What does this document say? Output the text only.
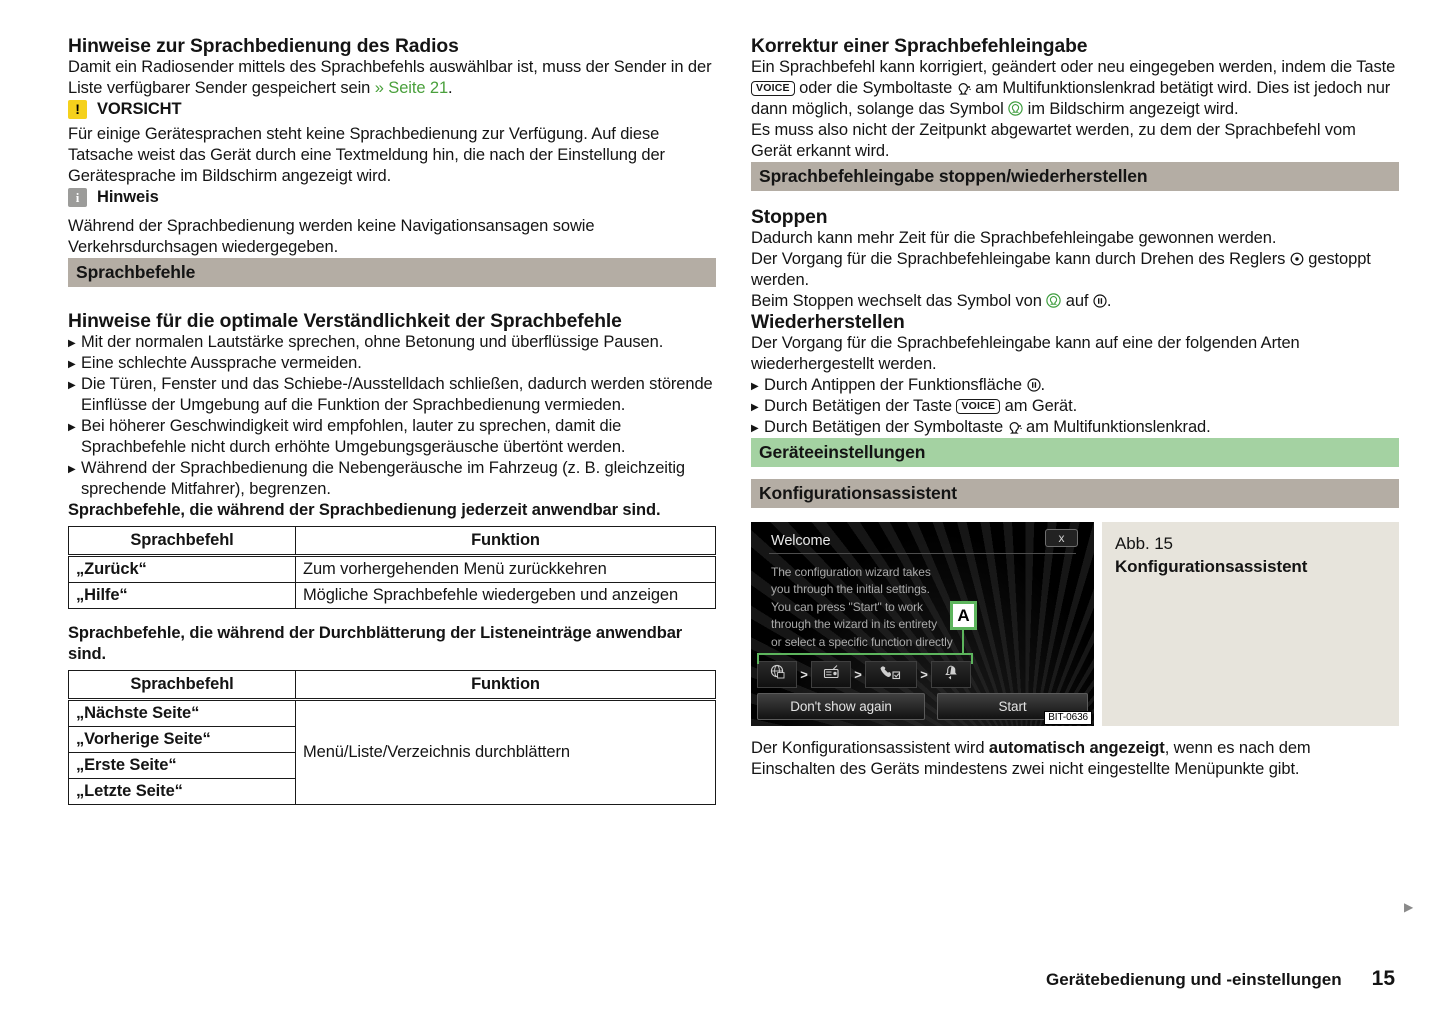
Hinweise zur Sprachbedienung des Radios

Damit ein Radiosender mittels des Sprachbefehls auswählbar ist, muss der Sender in der Liste verfügbarer Sender gespeichert sein » Seite 21.

!	VORSICHT

Für einige Gerätesprachen steht keine Sprachbedienung zur Verfügung. Auf diese Tatsache weist das Gerät durch eine Textmeldung hin, die nach der Einstellung der Gerätesprache im Bildschirm angezeigt wird.

i	Hinweis

Während der Sprachbedienung werden keine Navigationsansagen sowie Verkehrsdurchsagen wiedergegeben.

Sprachbefehle
Hinweise für die optimale Verständlichkeit der Sprachbefehle
▶ Mit der normalen Lautstärke sprechen, ohne Betonung und überflüssige Pausen.
▶ Eine schlechte Aussprache vermeiden.
▶ Die Türen, Fenster und das Schiebe-/Ausstelldach schließen, dadurch werden störende Einflüsse der Umgebung auf die Funktion der Sprachbedienung vermieden.
▶ Bei höherer Geschwindigkeit wird empfohlen, lauter zu sprechen, damit die Sprachbefehle nicht durch erhöhte Umgebungsgeräusche übertönt werden.
▶ Während der Sprachbedienung die Nebengeräusche im Fahrzeug (z. B. gleichzeitig sprechende Mitfahrer), begrenzen.

Sprachbefehle, die während der Sprachbedienung jederzeit anwendbar sind.

Sprachbefehl	Funktion
„Zurück“	Zum vorhergehenden Menü zurückkehren
„Hilfe“	Mögliche Sprachbefehle wiedergeben und anzeigen

Sprachbefehle, die während der Durchblätterung der Listeneinträge anwendbar sind.

Sprachbefehl	Funktion
„Nächste Seite“	Menü/Liste/Verzeichnis durchblättern
„Vorherige Seite“	
„Erste Seite“	
„Letzte Seite“	
Korrektur einer Sprachbefehleingabe

Ein Sprachbefehl kann korrigiert, geändert oder neu eingegeben werden, indem die Taste VOICE oder die Symboltaste  am Multifunktionslenkrad betätigt wird. Dies ist jedoch nur dann möglich, solange das Symbol  im Bildschirm angezeigt wird.

Es muss also nicht der Zeitpunkt abgewartet werden, zu dem der Sprachbefehl vom Gerät erkannt wird.

Sprachbefehleingabe stoppen/wiederherstellen
Stoppen

Dadurch kann mehr Zeit für die Sprachbefehleingabe gewonnen werden.

Der Vorgang für die Sprachbefehleingabe kann durch Drehen des Reglers  gestoppt werden.

Beim Stoppen wechselt das Symbol von  auf .

Wiederherstellen

Der Vorgang für die Sprachbefehleingabe kann auf eine der folgenden Arten wiederhergestellt werden.

▶ Durch Antippen der Funktionsfläche .
▶ Durch Betätigen der Taste VOICE am Gerät.
▶ Durch Betätigen der Symboltaste  am Multifunktionslenkrad.
Geräteeinstellungen
Konfigurationsassistent
Welcome	x
The configuration wizard takes
you through the initial settings.
You can press "Start" to work
through the wizard in its entirety
or select a specific function directly
A
>	>	>
Don't show again	Start
BIT-0636
Abb. 15
Konfigurationsassistent

Der Konfigurationsassistent wird automatisch angezeigt, wenn es nach dem Einschalten des Geräts mindestens zwei nicht eingestellte Menüpunkte gibt.

▶
Gerätebedienung und -einstellungen 15
